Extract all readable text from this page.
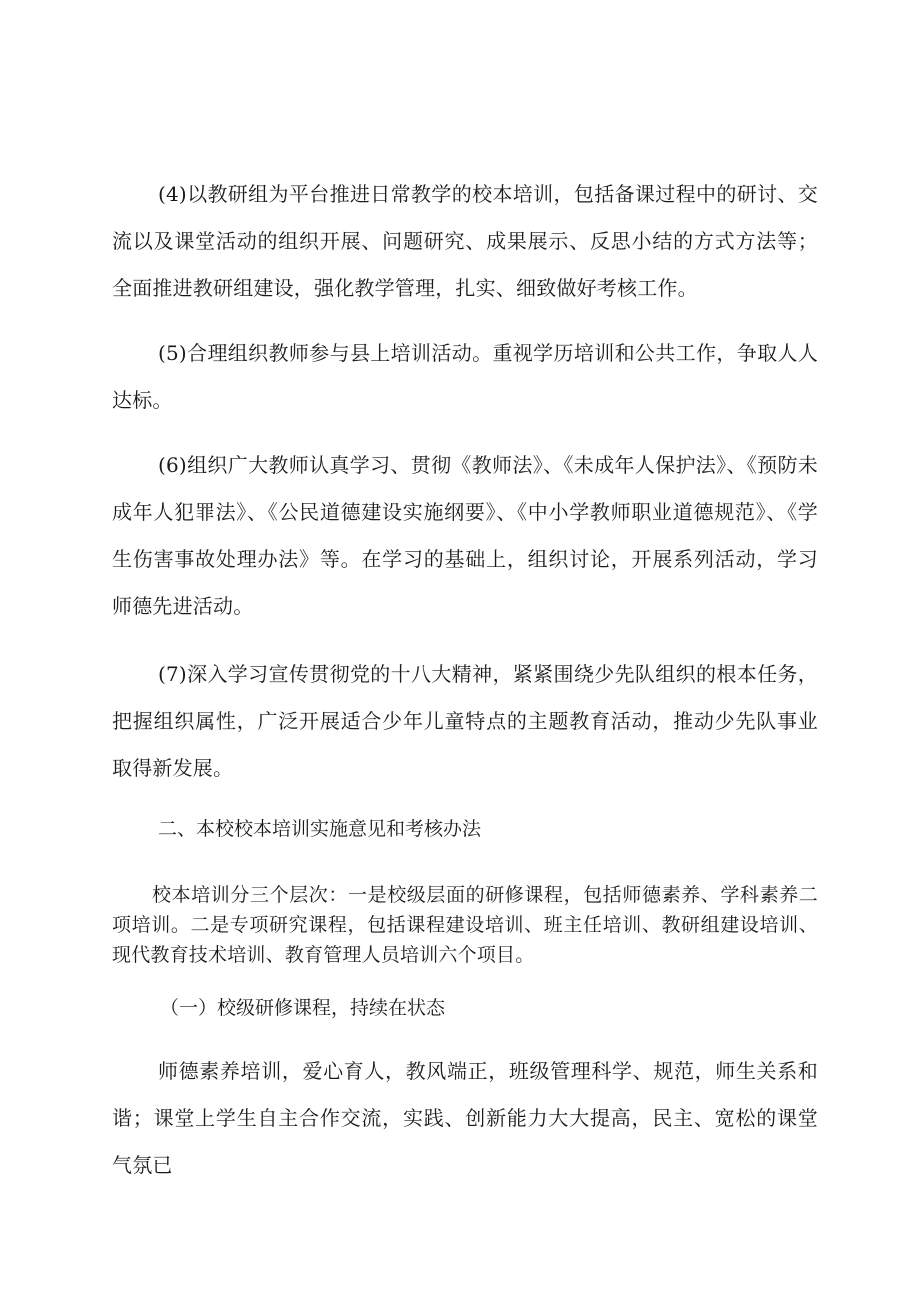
(4)以教研组为平台推进日常教学的校本培训，包括备课过程中的研讨、交流以及课堂活动的组织开展、问题研究、成果展示、反思小结的方式方法等；全面推进教研组建设，强化教学管理，扎实、细致做好考核工作。

(5)合理组织教师参与县上培训活动。重视学历培训和公共工作，争取人人达标。

(6)组织广大教师认真学习、贯彻《教师法》、《未成年人保护法》、《预防未成年人犯罪法》、《公民道德建设实施纲要》、《中小学教师职业道德规范》、《学生伤害事故处理办法》等。在学习的基础上，组织讨论，开展系列活动，学习师德先进活动。

(7)深入学习宣传贯彻党的十八大精神，紧紧围绕少先队组织的根本任务，把握组织属性，广泛开展适合少年儿童特点的主题教育活动，推动少先队事业取得新发展。

二、本校校本培训实施意见和考核办法

校本培训分三个层次：一是校级层面的研修课程，包括师德素养、学科素养二项培训。二是专项研究课程，包括课程建设培训、班主任培训、教研组建设培训、现代教育技术培训、教育管理人员培训六个项目。

（一）校级研修课程，持续在状态

师德素养培训，爱心育人，教风端正，班级管理科学、规范，师生关系和谐；课堂上学生自主合作交流，实践、创新能力大大提高，民主、宽松的课堂气氛已
